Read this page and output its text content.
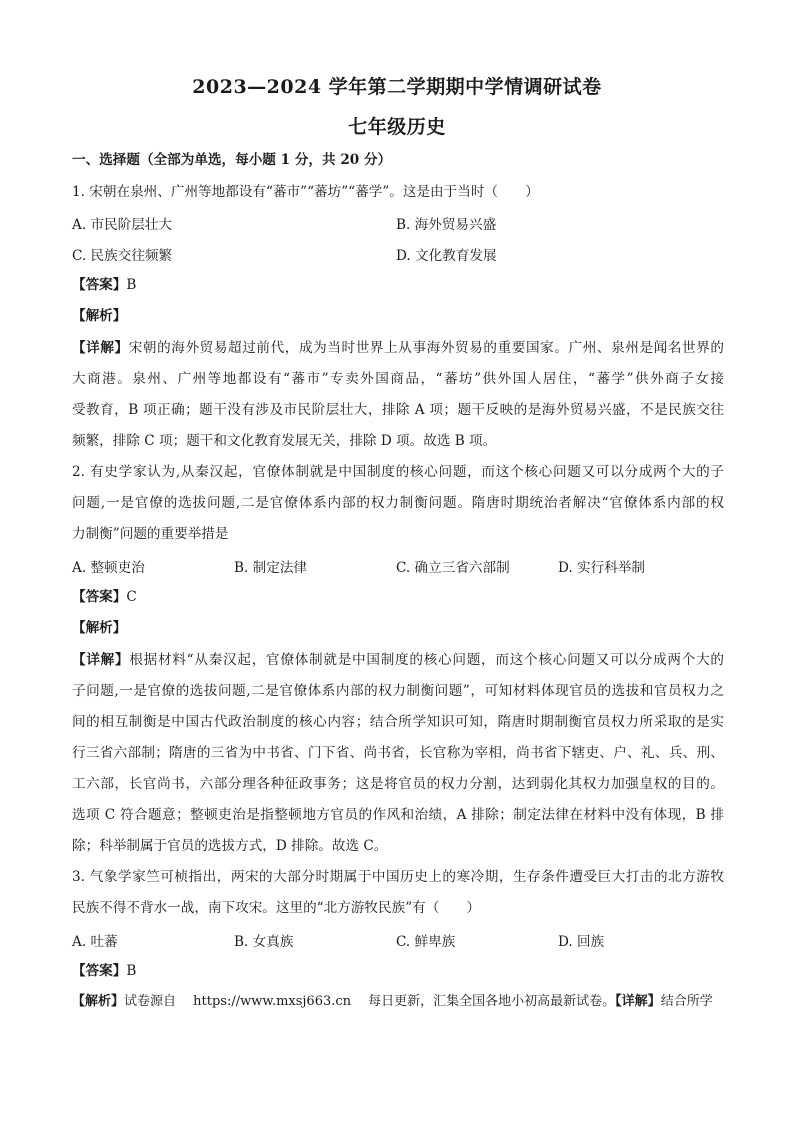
2023—2024 学年第二学期期中学情调研试卷
七年级历史
一、选择题（全部为单选，每小题 1 分，共 20 分）
1. 宋朝在泉州、广州等地都设有“蕃市”“蕃坊”“蕃学”。这是由于当时（　　）
A. 市民阶层壮大	B. 海外贸易兴盛
C. 民族交往频繁	D. 文化教育发展
【答案】B
【解析】
【详解】宋朝的海外贸易超过前代，成为当时世界上从事海外贸易的重要国家。广州、泉州是闻名世界的
大商港。泉州、广州等地都设有“蕃市”专卖外国商品，“蕃坊”供外国人居住，“蕃学”供外商子女接
受教育，B 项正确；题干没有涉及市民阶层壮大，排除 A 项；题干反映的是海外贸易兴盛，不是民族交往
频繁，排除 C 项；题干和文化教育发展无关，排除 D 项。故选 B 项。
2. 有史学家认为,从秦汉起，官僚体制就是中国制度的核心问题，而这个核心问题又可以分成两个大的子
问题,一是官僚的选拔问题,二是官僚体系内部的权力制衡问题。隋唐时期统治者解决“官僚体系内部的权
力制衡”问题的重要举措是
A. 整顿吏治	B. 制定法律	C. 确立三省六部制	D. 实行科举制
【答案】C
【解析】
【详解】根据材料“从秦汉起，官僚体制就是中国制度的核心问题，而这个核心问题又可以分成两个大的
子问题,一是官僚的选拔问题,二是官僚体系内部的权力制衡问题”，可知材料体现官员的选拔和官员权力之
间的相互制衡是中国古代政治制度的核心内容；结合所学知识可知，隋唐时期制衡官员权力所采取的是实
行三省六部制；隋唐的三省为中书省、门下省、尚书省，长官称为宰相，尚书省下辖吏、户、礼、兵、刑、
工六部，长官尚书，六部分理各种征政事务；这是将官员的权力分割，达到弱化其权力加强皇权的目的。
选项 C 符合题意；整顿吏治是指整顿地方官员的作风和治绩，A 排除；制定法律在材料中没有体现，B 排
除；科举制属于官员的选拔方式，D 排除。故选 C。
3. 气象学家竺可桢指出，两宋的大部分时期属于中国历史上的寒冷期，生存条件遭受巨大打击的北方游牧
民族不得不背水一战，南下攻宋。这里的“北方游牧民族”有（　　）
A. 吐蕃	B. 女真族	C. 鲜卑族	D. 回族
【答案】B
【解析】试卷源自　 https://www.mxsj663.cn　 每日更新，汇集全国各地小初高最新试卷。【详解】结合所学
